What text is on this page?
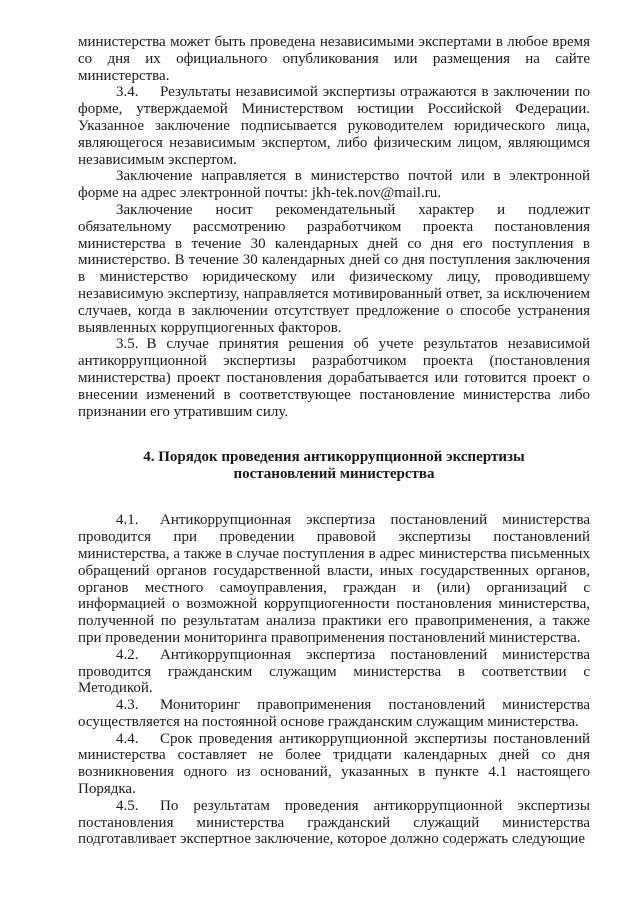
министерства может быть проведена независимыми экспертами в любое время со дня их официального опубликования или размещения на сайте министерства.

3.4. Результаты независимой экспертизы отражаются в заключении по форме, утверждаемой Министерством юстиции Российской Федерации. Указанное заключение подписывается руководителем юридического лица, являющегося независимым экспертом, либо физическим лицом, являющимся независимым экспертом.

Заключение направляется в министерство почтой или в электронной форме на адрес электронной почты: jkh-tek.nov@mail.ru.

Заключение носит рекомендательный характер и подлежит обязательному рассмотрению разработчиком проекта постановления министерства в течение 30 календарных дней со дня его поступления в министерство. В течение 30 календарных дней со дня поступления заключения в министерство юридическому или физическому лицу, проводившему независимую экспертизу, направляется мотивированный ответ, за исключением случаев, когда в заключении отсутствует предложение о способе устранения выявленных коррупциогенных факторов.

3.5. В случае принятия решения об учете результатов независимой антикоррупционной экспертизы разработчиком проекта (постановления министерства) проект постановления дорабатывается или готовится проект о внесении изменений в соответствующее постановление министерства либо признании его утратившим силу.

4. Порядок проведения антикоррупционной экспертизы
постановлений министерства

4.1. Антикоррупционная экспертиза постановлений министерства проводится при проведении правовой экспертизы постановлений министерства, а также в случае поступления в адрес министерства письменных обращений органов государственной власти, иных государственных органов, органов местного самоуправления, граждан и (или) организаций с информацией о возможной коррупциогенности постановления министерства, полученной по результатам анализа практики его правоприменения, а также при проведении мониторинга правоприменения постановлений министерства.

4.2. Антикоррупционная экспертиза постановлений министерства проводится гражданским служащим министерства в соответствии с Методикой.

4.3. Мониторинг правоприменения постановлений министерства осуществляется на постоянной основе гражданским служащим министерства.

4.4. Срок проведения антикоррупционной экспертизы постановлений министерства составляет не более тридцати календарных дней со дня возникновения одного из оснований, указанных в пункте 4.1 настоящего Порядка.

4.5. По результатам проведения антикоррупционной экспертизы постановления министерства гражданский служащий министерства подготавливает экспертное заключение, которое должно содержать следующие
